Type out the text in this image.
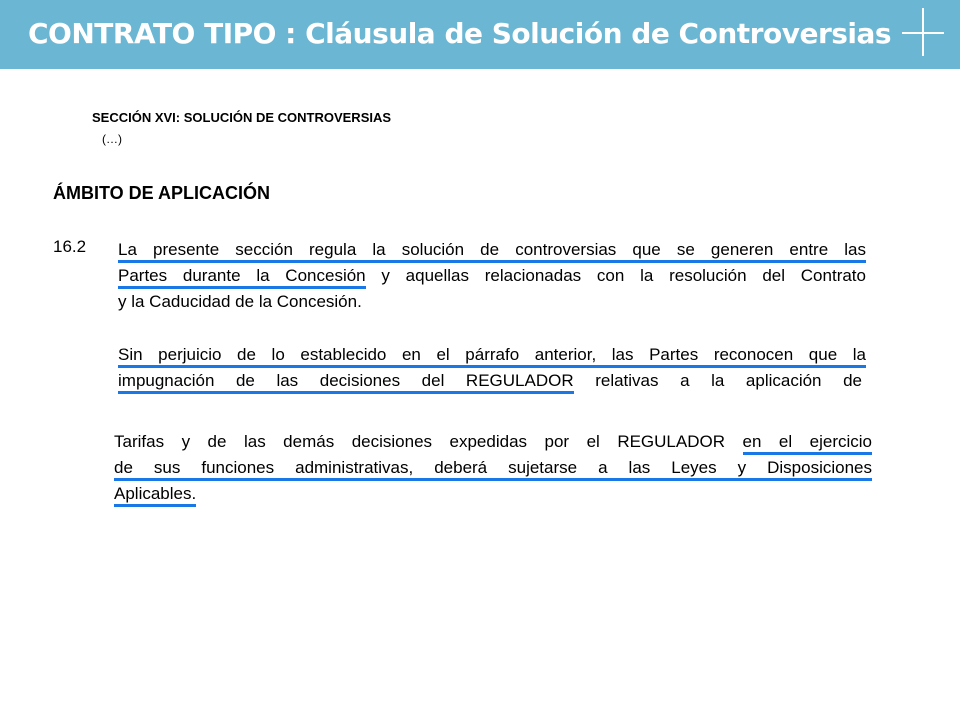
CONTRATO TIPO : Cláusula de Solución de Controversias
SECCIÓN XVI: SOLUCIÓN DE CONTROVERSIAS
(…)
ÁMBITO DE APLICACIÓN
16.2 La presente sección regula la solución de controversias que se generen entre las
Partes durante la Concesión y aquellas relacionadas con la resolución del Contrato
y la Caducidad de la Concesión.
Sin perjuicio de lo establecido en el párrafo anterior, las Partes reconocen que la
impugnación de las decisiones del REGULADOR relativas a la aplicación de
Tarifas y de las demás decisiones expedidas por el REGULADOR en el ejercicio
de sus funciones administrativas, deberá sujetarse a las Leyes y Disposiciones
Aplicables.
